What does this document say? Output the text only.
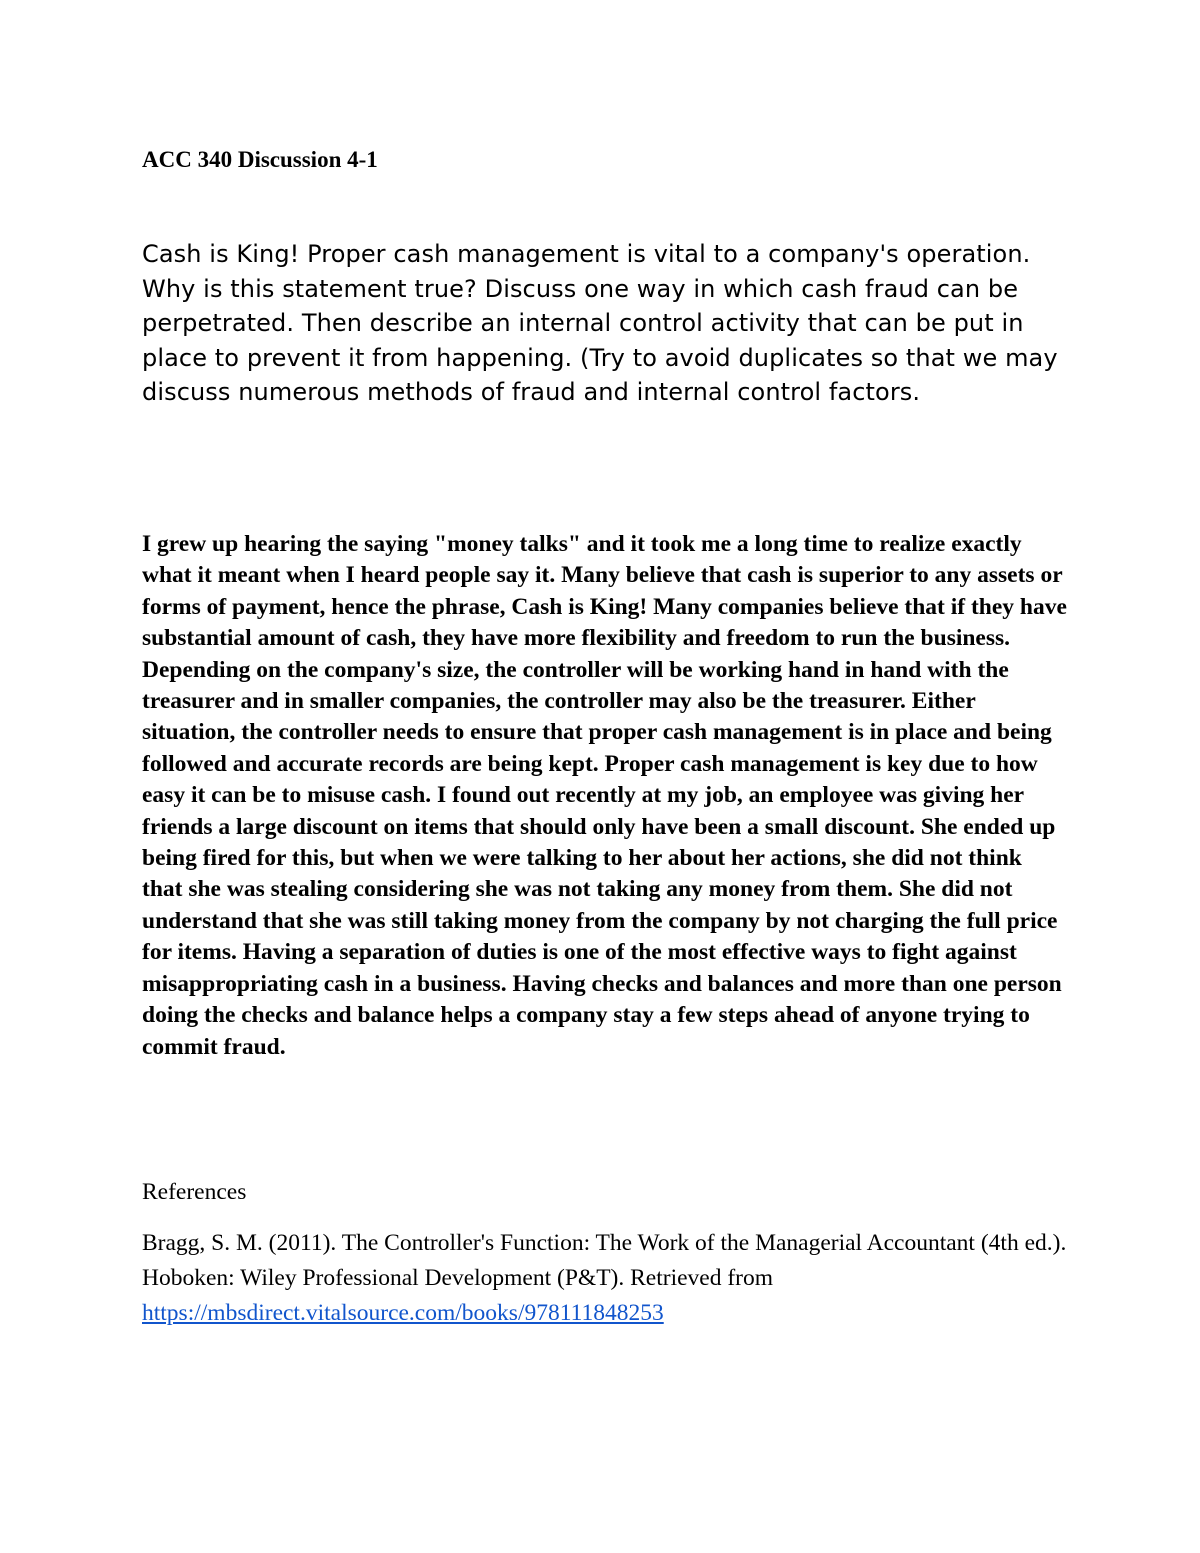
ACC 340 Discussion 4-1

Cash is King! Proper cash management is vital to a company's operation. Why is this statement true? Discuss one way in which cash fraud can be perpetrated. Then describe an internal control activity that can be put in place to prevent it from happening. (Try to avoid duplicates so that we may discuss numerous methods of fraud and internal control factors.

I grew up hearing the saying "money talks" and it took me a long time to realize exactly what it meant when I heard people say it. Many believe that cash is superior to any assets or forms of payment, hence the phrase, Cash is King! Many companies believe that if they have substantial amount of cash, they have more flexibility and freedom to run the business. Depending on the company's size, the controller will be working hand in hand with the treasurer and in smaller companies, the controller may also be the treasurer. Either situation, the controller needs to ensure that proper cash management is in place and being followed and accurate records are being kept. Proper cash management is key due to how easy it can be to misuse cash. I found out recently at my job, an employee was giving her friends a large discount on items that should only have been a small discount. She ended up being fired for this, but when we were talking to her about her actions, she did not think that she was stealing considering she was not taking any money from them. She did not understand that she was still taking money from the company by not charging the full price for items. Having a separation of duties is one of the most effective ways to fight against misappropriating cash in a business. Having checks and balances and more than one person doing the checks and balance helps a company stay a few steps ahead of anyone trying to commit fraud.

References

Bragg, S. M. (2011). The Controller's Function: The Work of the Managerial Accountant (4th ed.). Hoboken: Wiley Professional Development (P&T). Retrieved from https://mbsdirect.vitalsource.com/books/978111848253
